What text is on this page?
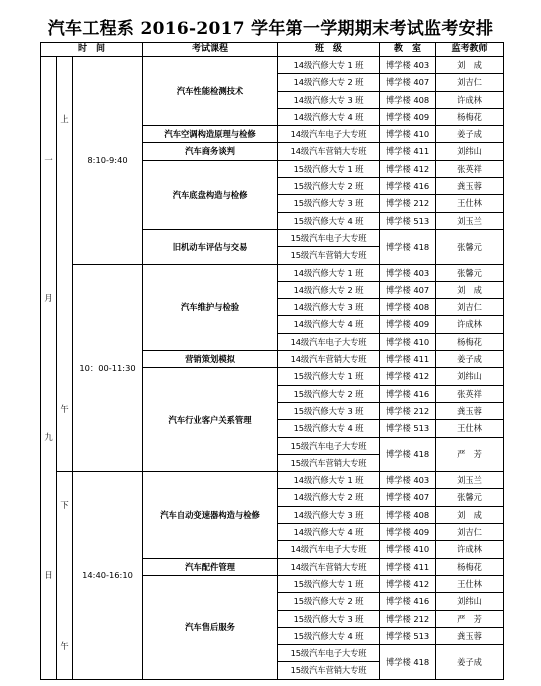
汽车工程系 2016-2017 学年第一学期期末考试监考安排
时　间			考试课程	班　级	教　室	监考教师

一
月
九
日	上
午	8:10-9:40	汽车性能检测技术	14级汽修大专 1 班	博学楼 403	刘　成
				14级汽修大专 2 班	博学楼 407	刘吉仁
				14级汽修大专 3 班	博学楼 408	许成林
				14级汽修大专 4 班	博学楼 409	杨梅花
			汽车空调构造原理与检修	14级汽车电子大专班	博学楼 410	姜子成
			汽车商务谈判	14级汽车营销大专班	博学楼 411	刘纬山
			汽车底盘构造与检修	15级汽修大专 1 班	博学楼 412	张英祥
				15级汽修大专 2 班	博学楼 416	龚玉蓉
				15级汽修大专 3 班	博学楼 212	王仕林
				15级汽修大专 4 班	博学楼 513	刘玉兰
			旧机动车评估与交易	15级汽车电子大专班	博学楼 418	张馨元
				15级汽车营销大专班		
		10：00-11:30	汽车维护与检验	14级汽修大专 1 班	博学楼 403	张馨元
				14级汽修大专 2 班	博学楼 407	刘　成
				14级汽修大专 3 班	博学楼 408	刘吉仁
				14级汽修大专 4 班	博学楼 409	许成林
				14级汽车电子大专班	博学楼 410	杨梅花
			营销策划模拟	14级汽车营销大专班	博学楼 411	姜子成
			汽车行业客户关系管理	15级汽修大专 1 班	博学楼 412	刘纬山
				15级汽修大专 2 班	博学楼 416	张英祥
				15级汽修大专 3 班	博学楼 212	龚玉蓉
				15级汽修大专 4 班	博学楼 513	王仕林
				15级汽车电子大专班	博学楼 418	严　芳
				15级汽车营销大专班		

	下
午	14:40-16:10	汽车自动变速器构造与检修	14级汽修大专 1 班	博学楼 403	刘玉兰
				14级汽修大专 2 班	博学楼 407	张馨元
				14级汽修大专 3 班	博学楼 408	刘　成
				14级汽修大专 4 班	博学楼 409	刘吉仁
				14级汽车电子大专班	博学楼 410	许成林
			汽车配件管理	14级汽车营销大专班	博学楼 411	杨梅花
			汽车售后服务	15级汽修大专 1 班	博学楼 412	王仕林
				15级汽修大专 2 班	博学楼 416	刘纬山
				15级汽修大专 3 班	博学楼 212	严　芳
				15级汽修大专 4 班	博学楼 513	龚玉蓉
				15级汽车电子大专班	博学楼 418	姜子成
				15级汽车营销大专班		
